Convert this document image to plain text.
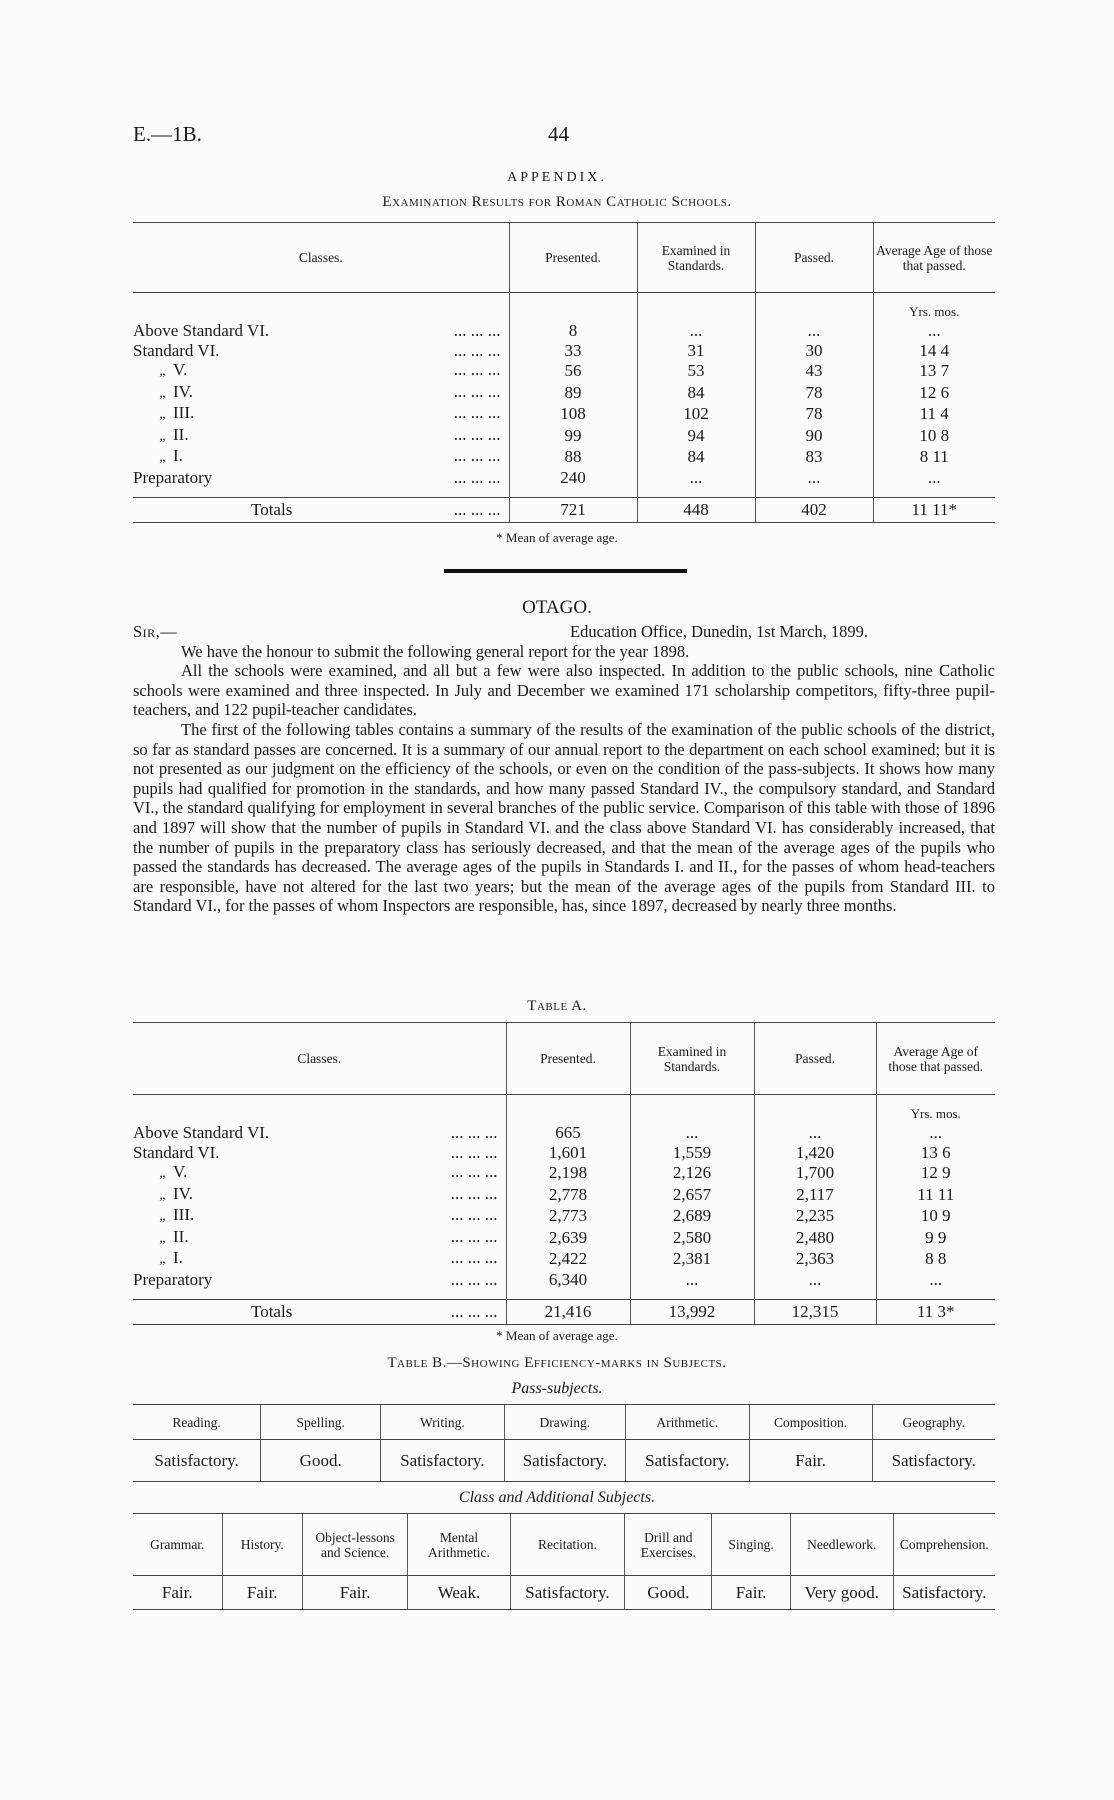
E.—1B.	44
APPENDIX.
Examination Results for Roman Catholic Schools.
Classes.	Presented.	Examined in Standards.	Passed.	Average Age of those that passed.

				Yrs. mos.
Above Standard VI. ... ... ...	8	...	...	...
Standard VI. ... ... ...	33	31	30	14 4
„ V. ... ... ...	56	53	43	13 7
„ IV. ... ... ...	89	84	78	12 6
„ III. ... ... ...	108	102	78	11 4
„ II. ... ... ...	99	94	90	10 8
„ I. ... ... ...	88	84	83	8 11
Preparatory ... ... ...	240	...	...	...

Totals ... ... ...	721	448	402	11 11*
* Mean of average age.
OTAGO.
Sir,—	Education Office, Dunedin, 1st March, 1899.

We have the honour to submit the following general report for the year 1898.

All the schools were examined, and all but a few were also inspected. In addition to the public schools, nine Catholic schools were examined and three inspected. In July and December we examined 171 scholarship competitors, fifty-three pupil-teachers, and 122 pupil-teacher candidates.

The first of the following tables contains a summary of the results of the examination of the public schools of the district, so far as standard passes are concerned. It is a summary of our annual report to the department on each school examined; but it is not presented as our judgment on the efficiency of the schools, or even on the condition of the pass-subjects. It shows how many pupils had qualified for promotion in the standards, and how many passed Standard IV., the compulsory standard, and Standard VI., the standard qualifying for employment in several branches of the public service. Comparison of this table with those of 1896 and 1897 will show that the number of pupils in Standard VI. and the class above Standard VI. has considerably increased, that the number of pupils in the preparatory class has seriously decreased, and that the mean of the average ages of the pupils who passed the standards has decreased. The average ages of the pupils in Standards I. and II., for the passes of whom head-teachers are responsible, have not altered for the last two years; but the mean of the average ages of the pupils from Standard III. to Standard VI., for the passes of whom Inspectors are responsible, has, since 1897, decreased by nearly three months.

Table A.
Classes.	Presented.	Examined in Standards.	Passed.	Average Age of those that passed.

				Yrs. mos.
Above Standard VI. ... ... ...	665	...	...	...
Standard VI. ... ... ...	1,601	1,559	1,420	13 6
„ V. ... ... ...	2,198	2,126	1,700	12 9
„ IV. ... ... ...	2,778	2,657	2,117	11 11
„ III. ... ... ...	2,773	2,689	2,235	10 9
„ II. ... ... ...	2,639	2,580	2,480	9 9
„ I. ... ... ...	2,422	2,381	2,363	8 8
Preparatory ... ... ...	6,340	...	...	...

Totals ... ... ...	21,416	13,992	12,315	11 3*
* Mean of average age.
Table B.—Showing Efficiency-marks in Subjects.
Pass-subjects.
Reading.	Spelling.	Writing.	Drawing.	Arithmetic.	Composition.	Geography.
Satisfactory.	Good.	Satisfactory.	Satisfactory.	Satisfactory.	Fair.	Satisfactory.
Class and Additional Subjects.
Grammar.	History.	Object-lessons and Science.	Mental Arithmetic.	Recitation.	Drill and Exercises.	Singing.	Needlework.	Comprehension.
Fair.	Fair.	Fair.	Weak.	Satisfactory.	Good.	Fair.	Very good.	Satisfactory.
